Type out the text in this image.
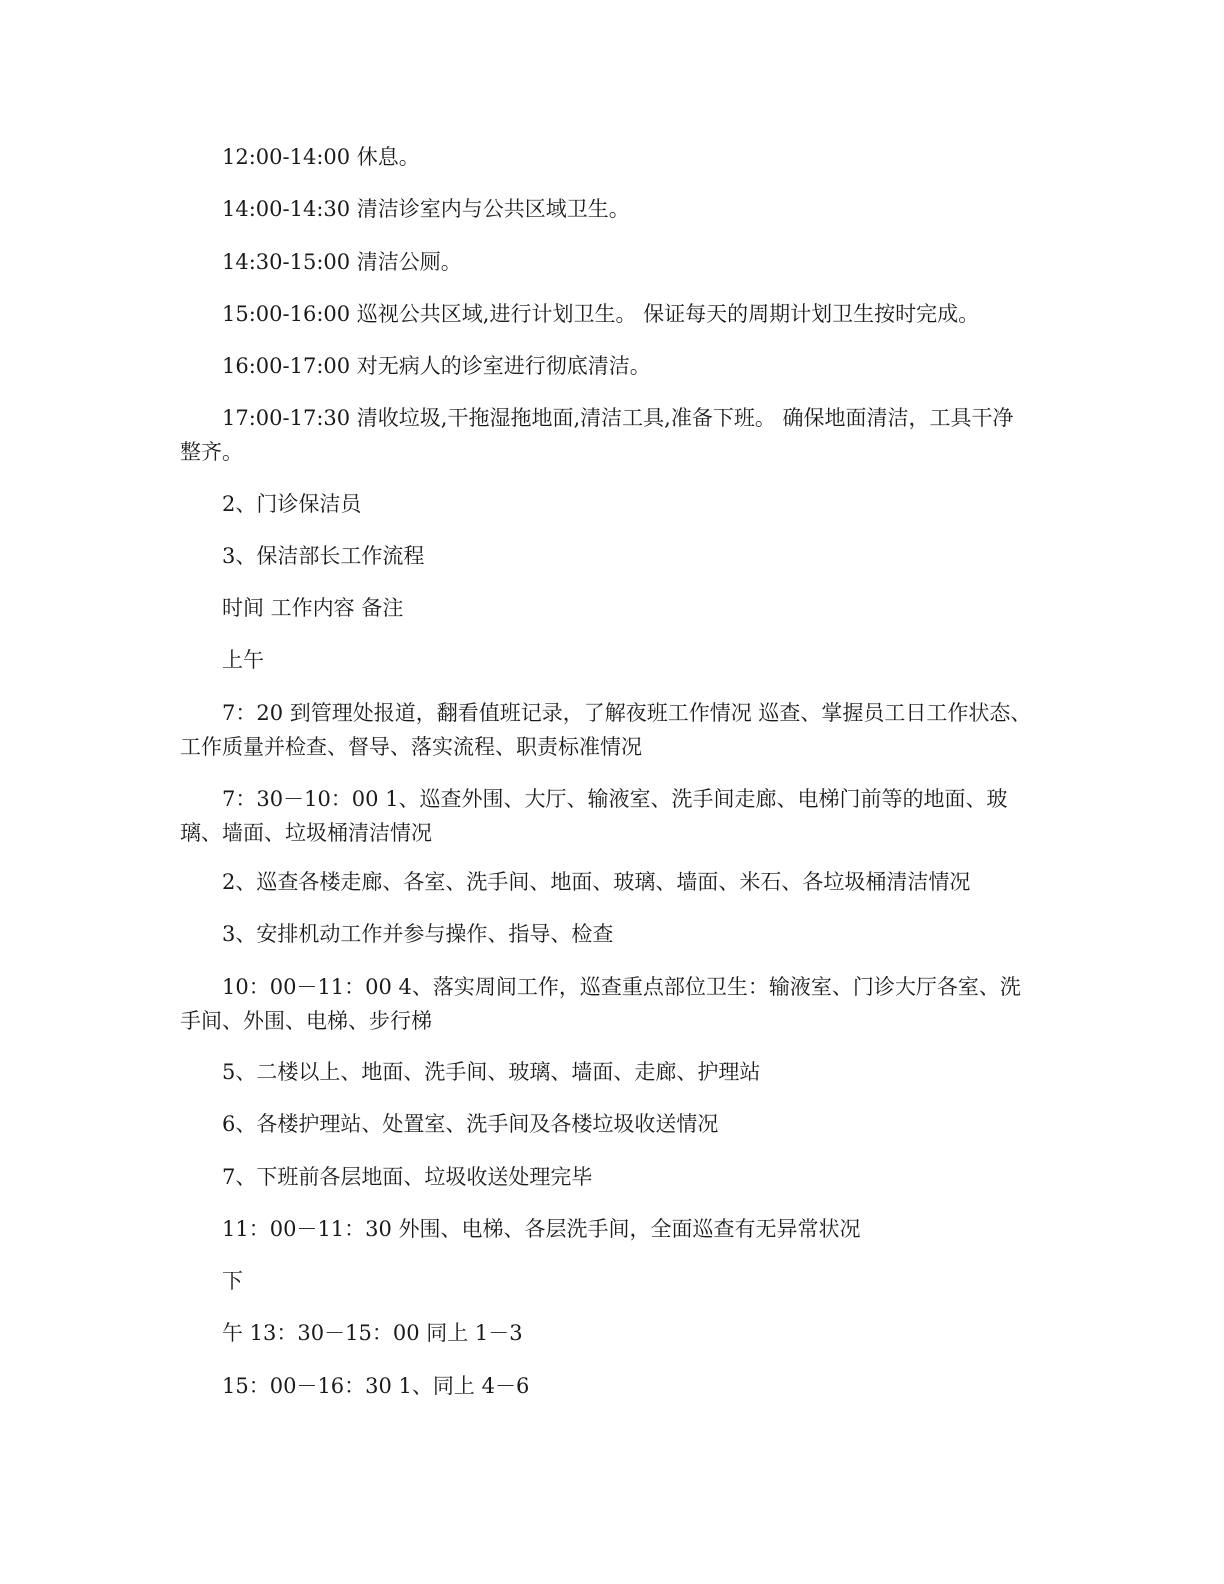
12:00-14:00 休息。

14:00-14:30 清洁诊室内与公共区域卫生。

14:30-15:00 清洁公厕。

15:00-16:00 巡视公共区域,进行计划卫生。 保证每天的周期计划卫生按时完成。

16:00-17:00 对无病人的诊室进行彻底清洁。

17:00-17:30 清收垃圾,干拖湿拖地面,清洁工具,准备下班。 确保地面清洁，工具干净整齐。

2、门诊保洁员

3、保洁部长工作流程

时间 工作内容 备注

上午

7：20 到管理处报道，翻看值班记录，了解夜班工作情况 巡查、掌握员工日工作状态、工作质量并检查、督导、落实流程、职责标准情况

7：30－10：00 1、巡查外围、大厅、输液室、洗手间走廊、电梯门前等的地面、玻璃、墙面、垃圾桶清洁情况

2、巡查各楼走廊、各室、洗手间、地面、玻璃、墙面、米石、各垃圾桶清洁情况

3、安排机动工作并参与操作、指导、检查

10：00－11：00 4、落实周间工作，巡查重点部位卫生：输液室、门诊大厅各室、洗手间、外围、电梯、步行梯

5、二楼以上、地面、洗手间、玻璃、墙面、走廊、护理站

6、各楼护理站、处置室、洗手间及各楼垃圾收送情况

7、下班前各层地面、垃圾收送处理完毕

11：00－11：30 外围、电梯、各层洗手间，全面巡查有无异常状况

下

午 13：30－15：00 同上 1－3

15：00－16：30 1、同上 4－6
